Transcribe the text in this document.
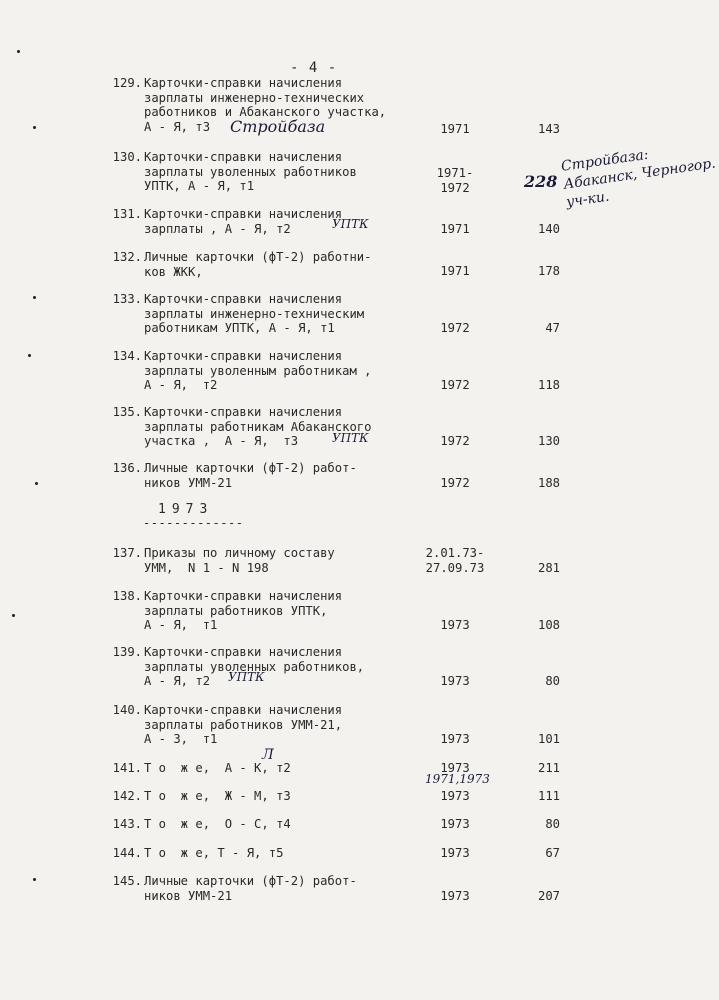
- 4 -
129. Карточки-справки начисления
зарплаты инженерно-технических
работников и Абаканского участка,
А - Я, т3	1971	143
Стройбаза
130. Карточки-справки начисления
зарплаты уволенных работников
УПТК, А - Я, т1
1971-
1972	228
Стройбаза:
Абаканск, Черногор.
уч-ки.
131. Карточки-справки начисления
зарплаты , А - Я, т2	1971	140
УПТК
132. Личные карточки (фТ-2) работни-
ков ЖКК,	1971	178
133. Карточки-справки начисления
зарплаты инженерно-техническим
работникам УПТК, А - Я, т1	1972	47
134. Карточки-справки начисления
зарплаты уволенным работникам ,
А - Я,  т2	1972	118
135. Карточки-справки начисления
зарплаты работникам Абаканского
участка ,  А - Я,  т3	1972	130
УПТК
136. Личные карточки (фТ-2) работ-
ников УММ-21	1972	188
1973
-------------
137. Приказы по личному составу
УММ,  N 1 - N 198
2.01.73-
27.09.73	281
138. Карточки-справки начисления
зарплаты работников УПТК,
А - Я,  т1	1973	108
139. Карточки-справки начисления
зарплаты уволенных работников,
А - Я, т2	1973	80
УПТК
140. Карточки-справки начисления
зарплаты работников УММ-21,
А - З,  т1	1973	101
141. Т о  ж е,  А - К, т2	1973	211
Л
142. Т о  ж е,  Ж - М, т3	1973	111
1971,1973
143. Т о  ж е,  О - С, т4	1973	80
144. Т о  ж е, Т - Я, т5	1973	67
145. Личные карточки (фТ-2) работ-
ников УММ-21	1973	207
